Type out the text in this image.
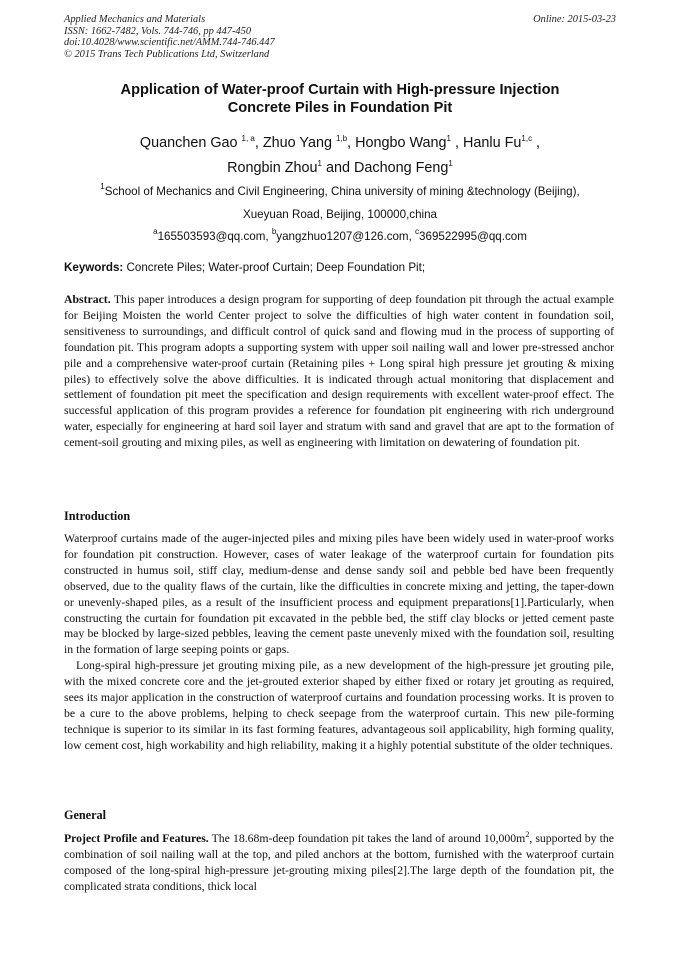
Applied Mechanics and Materials
ISSN: 1662-7482, Vols. 744-746, pp 447-450
doi:10.4028/www.scientific.net/AMM.744-746.447
© 2015 Trans Tech Publications Ltd, Switzerland
Online: 2015-03-23
Application of Water-proof Curtain with High-pressure Injection
Concrete Piles in Foundation Pit
Quanchen Gao $^{1, a}$, Zhuo Yang $^{1,b}$, Hongbo Wang$^1$ , Hanlu Fu$^{1,c}$ ,
Rongbin Zhou$^1$ and Dachong Feng$^1$
$^1$School of Mechanics and Civil Engineering, China university of mining &technology (Beijing),
Xueyuan Road, Beijing, 100000,china
$^a$165503593@qq.com, $^b$yangzhuo1207@126.com, $^c$369522995@qq.com
Keywords: Concrete Piles; Water-proof Curtain; Deep Foundation Pit;
Abstract. This paper introduces a design program for supporting of deep foundation pit through the actual example for Beijing Moisten the world Center project to solve the difficulties of high water content in foundation soil, sensitiveness to surroundings, and difficult control of quick sand and flowing mud in the process of supporting of foundation pit. This program adopts a supporting system with upper soil nailing wall and lower pre-stressed anchor pile and a comprehensive water-proof curtain (Retaining piles + Long spiral high pressure jet grouting & mixing piles) to effectively solve the above difficulties. It is indicated through actual monitoring that displacement and settlement of foundation pit meet the specification and design requirements with excellent water-proof effect. The successful application of this program provides a reference for foundation pit engineering with rich underground water, especially for engineering at hard soil layer and stratum with sand and gravel that are apt to the formation of cement-soil grouting and mixing piles, as well as engineering with limitation on dewatering of foundation pit.
Introduction

Waterproof curtains made of the auger-injected piles and mixing piles have been widely used in water-proof works for foundation pit construction. However, cases of water leakage of the waterproof curtain for foundation pits constructed in humus soil, stiff clay, medium-dense and dense sandy soil and pebble bed have been frequently observed, due to the quality flaws of the curtain, like the difficulties in concrete mixing and jetting, the taper-down or unevenly-shaped piles, as a result of the insufficient process and equipment preparations[1].Particularly, when constructing the curtain for foundation pit excavated in the pebble bed, the stiff clay blocks or jetted cement paste may be blocked by large-sized pebbles, leaving the cement paste unevenly mixed with the foundation soil, resulting in the formation of large seeping points or gaps.

Long-spiral high-pressure jet grouting mixing pile, as a new development of the high-pressure jet grouting pile, with the mixed concrete core and the jet-grouted exterior shaped by either fixed or rotary jet grouting as required, sees its major application in the construction of waterproof curtains and foundation processing works. It is proven to be a cure to the above problems, helping to check seepage from the waterproof curtain. This new pile-forming technique is superior to its similar in its fast forming features, advantageous soil applicability, high forming quality, low cement cost, high workability and high reliability, making it a highly potential substitute of the older techniques.

General

Project Profile and Features. The 18.68m-deep foundation pit takes the land of around $10,000m^2$, supported by the combination of soil nailing wall at the top, and piled anchors at the bottom, furnished with the waterproof curtain composed of the long-spiral high-pressure jet-grouting mixing piles[2].The large depth of the foundation pit, the complicated strata conditions, thick local
